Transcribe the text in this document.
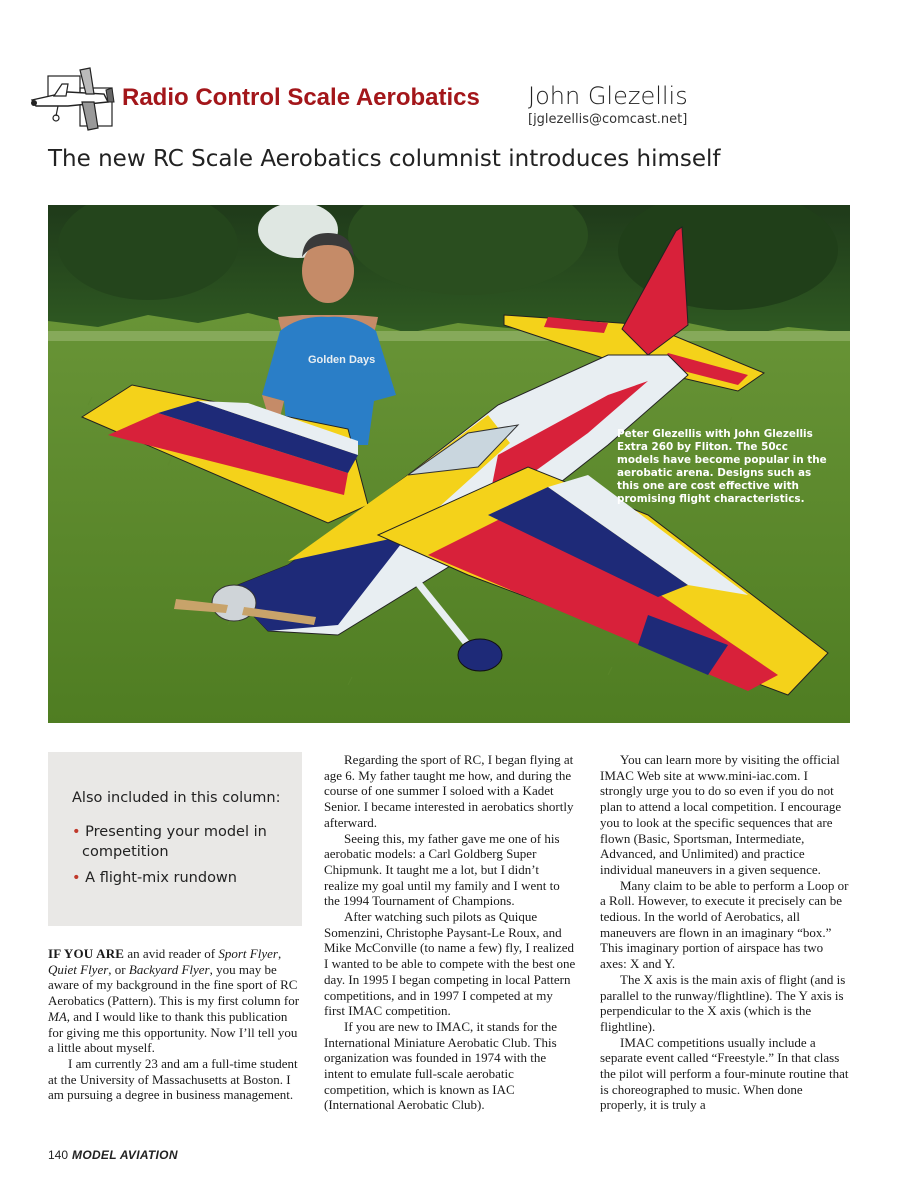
Radio Control Scale Aerobatics John Glezellis
[jglezellis@comcast.net]
The new RC Scale Aerobatics columnist introduces himself
Golden Days
Peter Glezellis with John Glezellis Extra 260 by Fliton. The 50cc models have become popular in the aerobatic arena. Designs such as this one are cost effective with promising flight characteristics.
Also included in this column:
• Presenting your model in competition
• A flight-mix rundown

IF YOU ARE an avid reader of Sport Flyer, Quiet Flyer, or Backyard Flyer, you may be aware of my background in the fine sport of RC Aerobatics (Pattern). This is my first column for MA, and I would like to thank this publication for giving me this opportunity. Now I’ll tell you a little about myself.

I am currently 23 and am a full-time student at the University of Massachusetts at Boston. I am pursuing a degree in business management.

Regarding the sport of RC, I began flying at age 6. My father taught me how, and during the course of one summer I soloed with a Kadet Senior. I became interested in aerobatics shortly afterward.

Seeing this, my father gave me one of his aerobatic models: a Carl Goldberg Super Chipmunk. It taught me a lot, but I didn’t realize my goal until my family and I went to the 1994 Tournament of Champions.

After watching such pilots as Quique Somenzini, Christophe Paysant-Le Roux, and Mike McConville (to name a few) fly, I realized I wanted to be able to compete with the best one day. In 1995 I began competing in local Pattern competitions, and in 1997 I competed at my first IMAC competition.

If you are new to IMAC, it stands for the International Miniature Aerobatic Club. This organization was founded in 1974 with the intent to emulate full-scale aerobatic competition, which is known as IAC (International Aerobatic Club).

You can learn more by visiting the official IMAC Web site at www.mini-iac.com. I strongly urge you to do so even if you do not plan to attend a local competition. I encourage you to look at the specific sequences that are flown (Basic, Sportsman, Intermediate, Advanced, and Unlimited) and practice individual maneuvers in a given sequence.

Many claim to be able to perform a Loop or a Roll. However, to execute it precisely can be tedious. In the world of Aerobatics, all maneuvers are flown in an imaginary “box.” This imaginary portion of airspace has two axes: X and Y.

The X axis is the main axis of flight (and is parallel to the runway/flightline). The Y axis is perpendicular to the X axis (which is the flightline).

IMAC competitions usually include a separate event called “Freestyle.” In that class the pilot will perform a four-minute routine that is choreographed to music. When done properly, it is truly a

140 MODEL AVIATION
